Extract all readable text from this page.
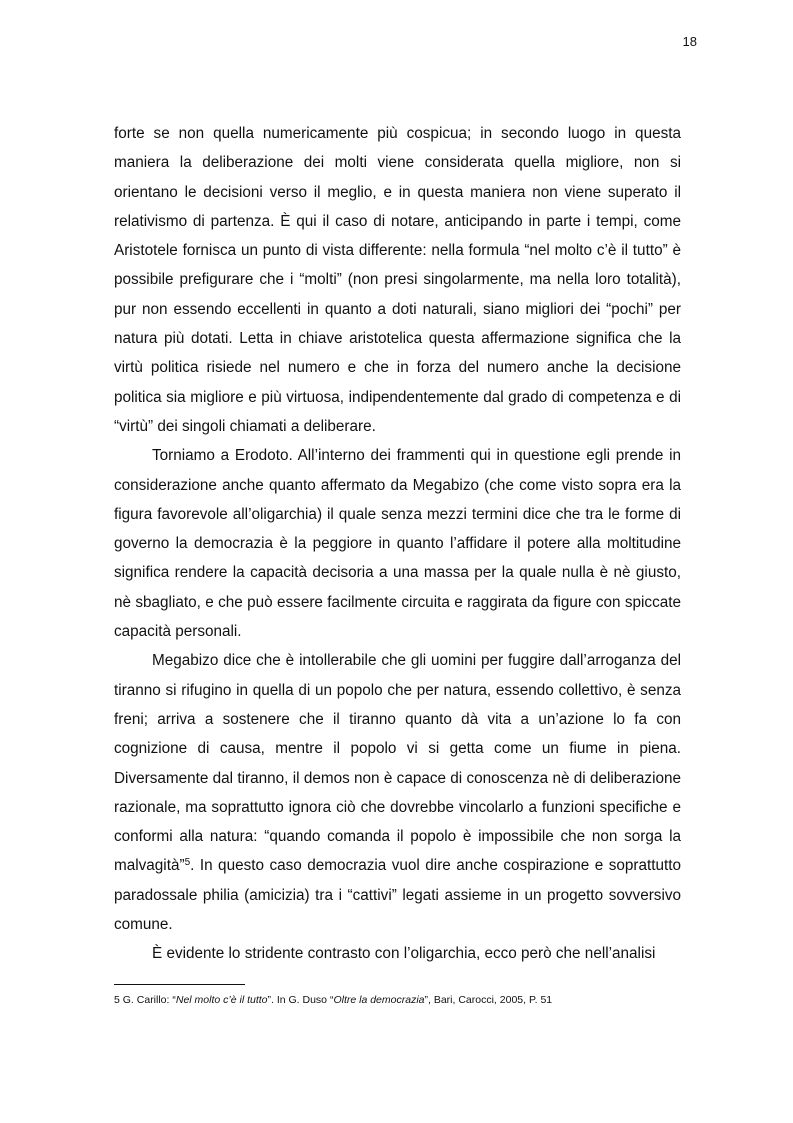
18

forte se non quella numericamente più cospicua; in secondo luogo in questa maniera la deliberazione dei molti viene considerata quella migliore, non si orientano le decisioni verso il meglio, e in questa maniera non viene superato il relativismo di partenza. È qui il caso di notare, anticipando in parte i tempi, come Aristotele fornisca un punto di vista differente: nella formula “nel molto c’è il tutto” è possibile prefigurare che i “molti” (non presi singolarmente, ma nella loro totalità), pur non essendo eccellenti in quanto a doti naturali, siano migliori dei “pochi” per natura più dotati. Letta in chiave aristotelica questa affermazione significa che la virtù politica risiede nel numero e che in forza del numero anche la decisione politica sia migliore e più virtuosa, indipendentemente dal grado di competenza e di “virtù” dei singoli chiamati a deliberare.

Torniamo a Erodoto. All’interno dei frammenti qui in questione egli prende in considerazione anche quanto affermato da Megabizo (che come visto sopra era la figura favorevole all’oligarchia) il quale senza mezzi termini dice che tra le forme di governo la democrazia è la peggiore in quanto l’affidare il potere alla moltitudine significa rendere la capacità decisoria a una massa per la quale nulla è nè giusto, nè sbagliato, e che può essere facilmente circuita e raggirata da figure con spiccate capacità personali.

Megabizo dice che è intollerabile che gli uomini per fuggire dall’arroganza del tiranno si rifugino in quella di un popolo che per natura, essendo collettivo, è senza freni; arriva a sostenere che il tiranno quanto dà vita a un’azione lo fa con cognizione di causa, mentre il popolo vi si getta come un fiume in piena. Diversamente dal tiranno, il demos non è capace di conoscenza nè di deliberazione razionale, ma soprattutto ignora ciò che dovrebbe vincolarlo a funzioni specifiche e conformi alla natura: “quando comanda il popolo è impossibile che non sorga la malvagità”$^5$. In questo caso democrazia vuol dire anche cospirazione e soprattutto paradossale philia (amicizia) tra i “cattivi” legati assieme in un progetto sovversivo comune.

È evidente lo stridente contrasto con l’oligarchia, ecco però che nell’analisi

5 G. Carillo: “Nel molto c’è il tutto”. In G. Duso “Oltre la democrazia”, Bari, Carocci, 2005, P. 51
